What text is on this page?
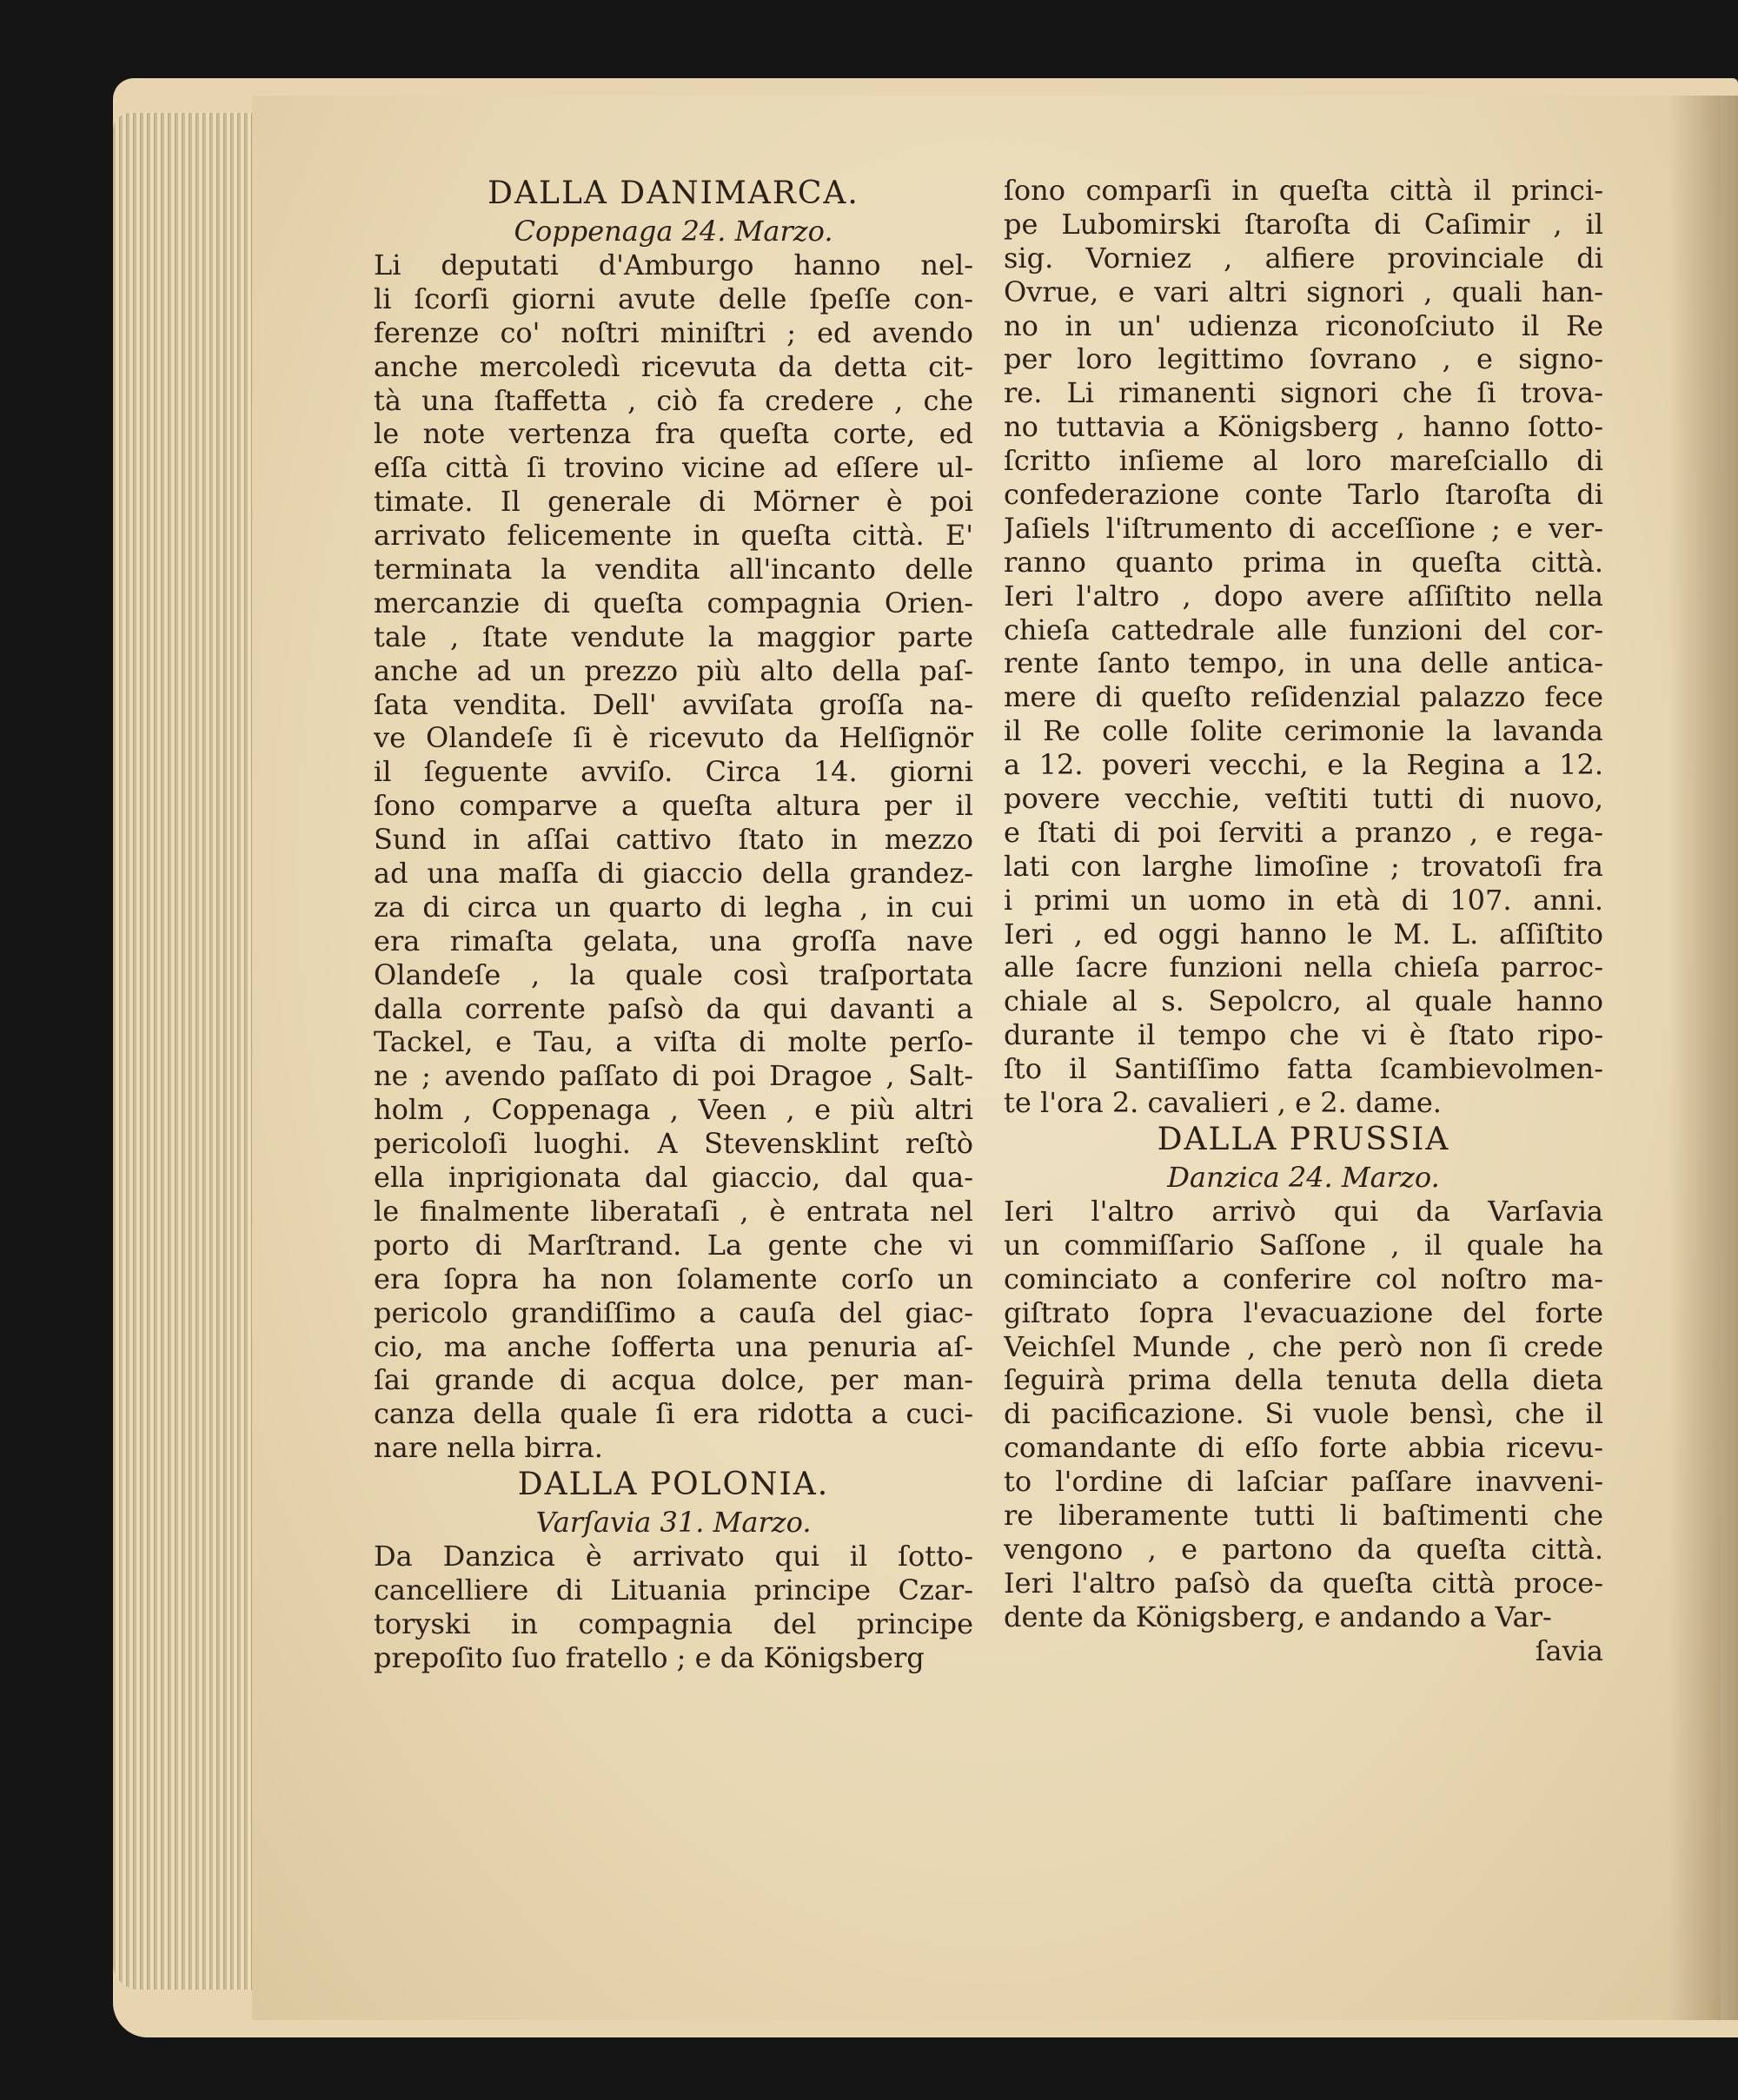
DALLA DANIMARCA.
Coppenaga 24. Marzo.
Li deputati d'Amburgo hanno nel-
li ſcorſi giorni avute delle ſpeſſe con-
ferenze co' noſtri miniſtri ; ed avendo
anche mercoledì ricevuta da detta cit-
tà una ſtaffetta , ciò fa credere , che
le note vertenza fra queſta corte, ed
eſſa città ſi trovino vicine ad eſſere ul-
timate. Il generale di Mörner è poi
arrivato felicemente in queſta città. E'
terminata la vendita all'incanto delle
mercanzie di queſta compagnia Orien-
tale , ſtate vendute la maggior parte
anche ad un prezzo più alto della paſ-
ſata vendita. Dell' avviſata groſſa na-
ve Olandeſe ſi è ricevuto da Helſignör
il ſeguente avviſo. Circa 14. giorni
ſono comparve a queſta altura per il
Sund in aſſai cattivo ſtato in mezzo
ad una maſſa di giaccio della grandez-
za di circa un quarto di legha , in cui
era rimaſta gelata, una groſſa nave
Olandeſe , la quale così traſportata
dalla corrente paſsò da qui davanti a
Tackel, e Tau, a viſta di molte perſo-
ne ; avendo paſſato di poi Dragoe , Salt-
holm , Coppenaga , Veen , e più altri
pericoloſi luoghi. A Stevensklint reſtò
ella inprigionata dal giaccio, dal qua-
le finalmente liberataſi , è entrata nel
porto di Marſtrand. La gente che vi
era ſopra ha non ſolamente corſo un
pericolo grandiſſimo a cauſa del giac-
cio, ma anche ſofferta una penuria aſ-
ſai grande di acqua dolce, per man-
canza della quale ſi era ridotta a cuci-
nare nella birra.
DALLA POLONIA.
Varſavia 31. Marzo.
Da Danzica è arrivato qui il ſotto-
cancelliere di Lituania principe Czar-
toryski in compagnia del principe
prepoſito ſuo fratello ; e da Königsberg
ſono comparſi in queſta città il princi-
pe Lubomirski ſtaroſta di Caſimir , il
sig. Vorniez , alfiere provinciale di
Ovrue, e vari altri signori , quali han-
no in un' udienza riconoſciuto il Re
per loro legittimo ſovrano , e signo-
re. Li rimanenti signori che ſi trova-
no tuttavia a Königsberg , hanno ſotto-
ſcritto inſieme al loro mareſciallo di
confederazione conte Tarlo ſtaroſta di
Jaſiels l'iſtrumento di acceſſione ; e ver-
ranno quanto prima in queſta città.
Ieri l'altro , dopo avere aſſiſtito nella
chieſa cattedrale alle funzioni del cor-
rente ſanto tempo, in una delle antica-
mere di queſto reſidenzial palazzo fece
il Re colle ſolite cerimonie la lavanda
a 12. poveri vecchi, e la Regina a 12.
povere vecchie, veſtiti tutti di nuovo,
e ſtati di poi ſerviti a pranzo , e rega-
lati con larghe limoſine ; trovatoſi fra
i primi un uomo in età di 107. anni.
Ieri , ed oggi hanno le M. L. aſſiſtito
alle ſacre funzioni nella chieſa parroc-
chiale al s. Sepolcro, al quale hanno
durante il tempo che vi è ſtato ripo-
ſto il Santiſſimo fatta ſcambievolmen-
te l'ora 2. cavalieri , e 2. dame.
DALLA PRUSSIA
Danzica 24. Marzo.
Ieri l'altro arrivò qui da Varſavia
un commiſſario Saſſone , il quale ha
cominciato a conferire col noſtro ma-
giſtrato ſopra l'evacuazione del forte
Veichſel Munde , che però non ſi crede
ſeguirà prima della tenuta della dieta
di pacificazione. Si vuole bensì, che il
comandante di eſſo forte abbia ricevu-
to l'ordine di laſciar paſſare inavveni-
re liberamente tutti li baſtimenti che
vengono , e partono da queſta città.
Ieri l'altro paſsò da queſta città proce-
dente da Königsberg, e andando a Var-
ſavia
